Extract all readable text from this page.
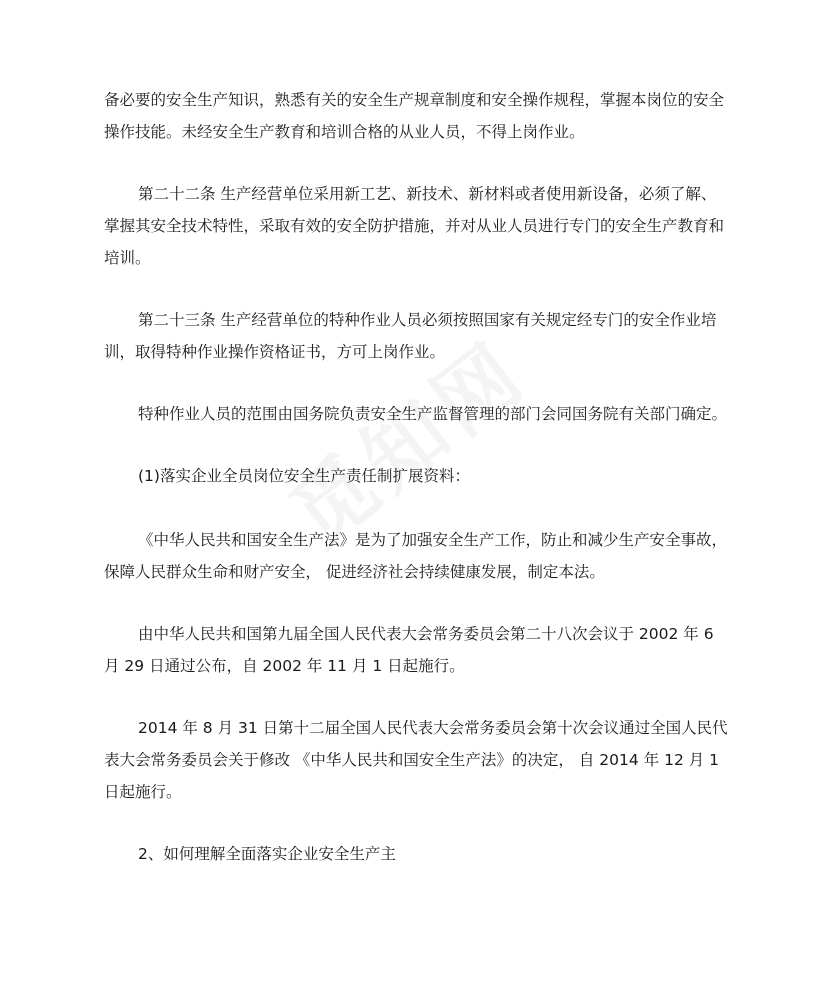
备必要的安全生产知识，熟悉有关的安全生产规章制度和安全操作规程，掌握本岗位的安全操作技能。未经安全生产教育和培训合格的从业人员，不得上岗作业。

第二十二条 生产经营单位采用新工艺、新技术、新材料或者使用新设备，必须了解、掌握其安全技术特性，采取有效的安全防护措施，并对从业人员进行专门的安全生产教育和培训。

第二十三条 生产经营单位的特种作业人员必须按照国家有关规定经专门的安全作业培训，取得特种作业操作资格证书，方可上岗作业。

特种作业人员的范围由国务院负责安全生产监督管理的部门会同国务院有关部门确定。

(1)落实企业全员岗位安全生产责任制扩展资料：

《中华人民共和国安全生产法》是为了加强安全生产工作，防止和减少生产安全事故，保障人民群众生命和财产安全， 促进经济社会持续健康发展，制定本法。

由中华人民共和国第九届全国人民代表大会常务委员会第二十八次会议于 2002 年 6 月 29 日通过公布，自 2002 年 11 月 1 日起施行。

2014 年 8 月 31 日第十二届全国人民代表大会常务委员会第十次会议通过全国人民代表大会常务委员会关于修改 《中华人民共和国安全生产法》的决定， 自 2014 年 12 月 1 日起施行。

2、如何理解全面落实企业安全生产主
